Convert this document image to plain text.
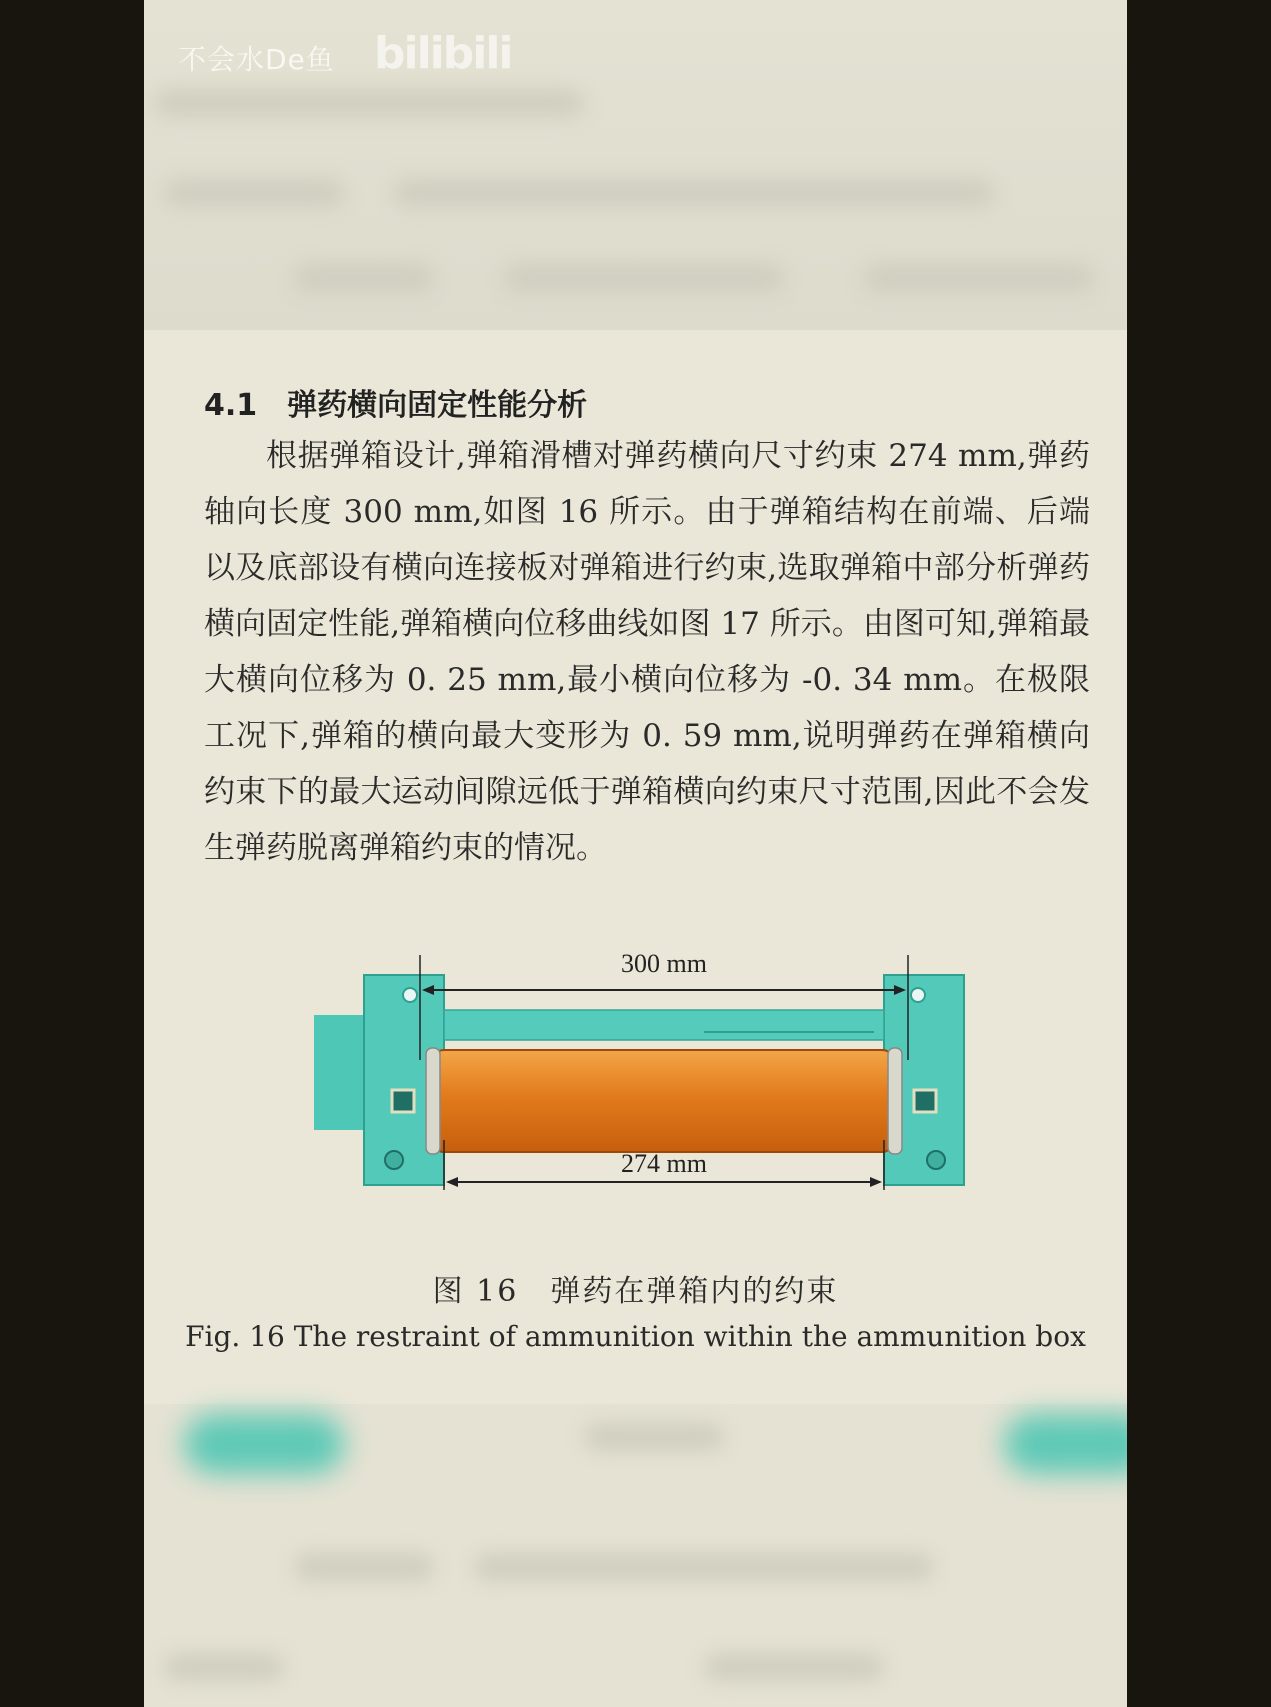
不会水De鱼 bilibili
4.1 弹药横向固定性能分析

根据弹箱设计,弹箱滑槽对弹药横向尺寸约束 274 mm,弹药轴向长度 300 mm,如图 16 所示。由于弹箱结构在前端、后端以及底部设有横向连接板对弹箱进行约束,选取弹箱中部分析弹药横向固定性能,弹箱横向位移曲线如图 17 所示。由图可知,弹箱最大横向位移为 0. 25 mm,最小横向位移为 -0. 34 mm。在极限工况下,弹箱的横向最大变形为 0. 59 mm,说明弹药在弹箱横向约束下的最大运动间隙远低于弹箱横向约束尺寸范围,因此不会发生弹药脱离弹箱约束的情况。

300 mm
274 mm
图 16　弹药在弹箱内的约束
Fig. 16 The restraint of ammunition within the ammunition box
